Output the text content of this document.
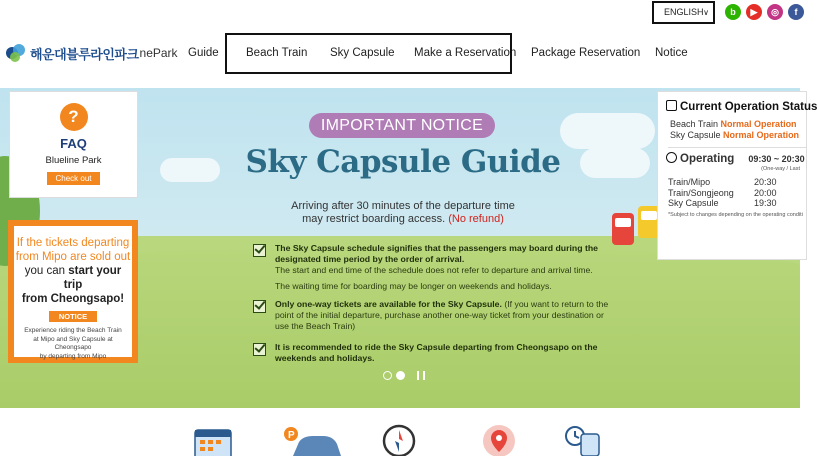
ENGLISH ∨	b	▶	◎	f
해운대블루라인파크 nePark Guide Beach Train Sky Capsule Make a Reservation Package Reservation Notice
?
FAQ
Blueline Park
Check out
If the tickets departing
from Mipo are sold out
you can start your trip
from Cheongsapo!
NOTICE
Experience riding the Beach Train
at Mipo and Sky Capsule at Cheongsapo
by departing from Mipo
IMPORTANT NOTICE
Sky Capsule Guide
Arriving after 30 minutes of the departure time
may restrict boarding access. (No refund)
The Sky Capsule schedule signifies that the passengers may board during the designated time period by the order of arrival.
The start and end time of the schedule does not refer to departure and arrival time.
The waiting time for boarding may be longer on weekends and holidays.
Only one-way tickets are available for the Sky Capsule. (If you want to return to the point of the initial departure, purchase another one-way ticket from your destination or use the Beach Train)
It is recommended to ride the Sky Capsule departing from Cheongsapo on the weekends and holidays.
Current Operation Status
Beach Train Normal Operation
Sky Capsule Normal Operation
Operating 09:30 ~ 20:30
(One-way / Last
Train/Mipo	20:30
Train/Songjeong	20:00
Sky Capsule	19:30
*Subject to changes depending on the operating conditi
P
